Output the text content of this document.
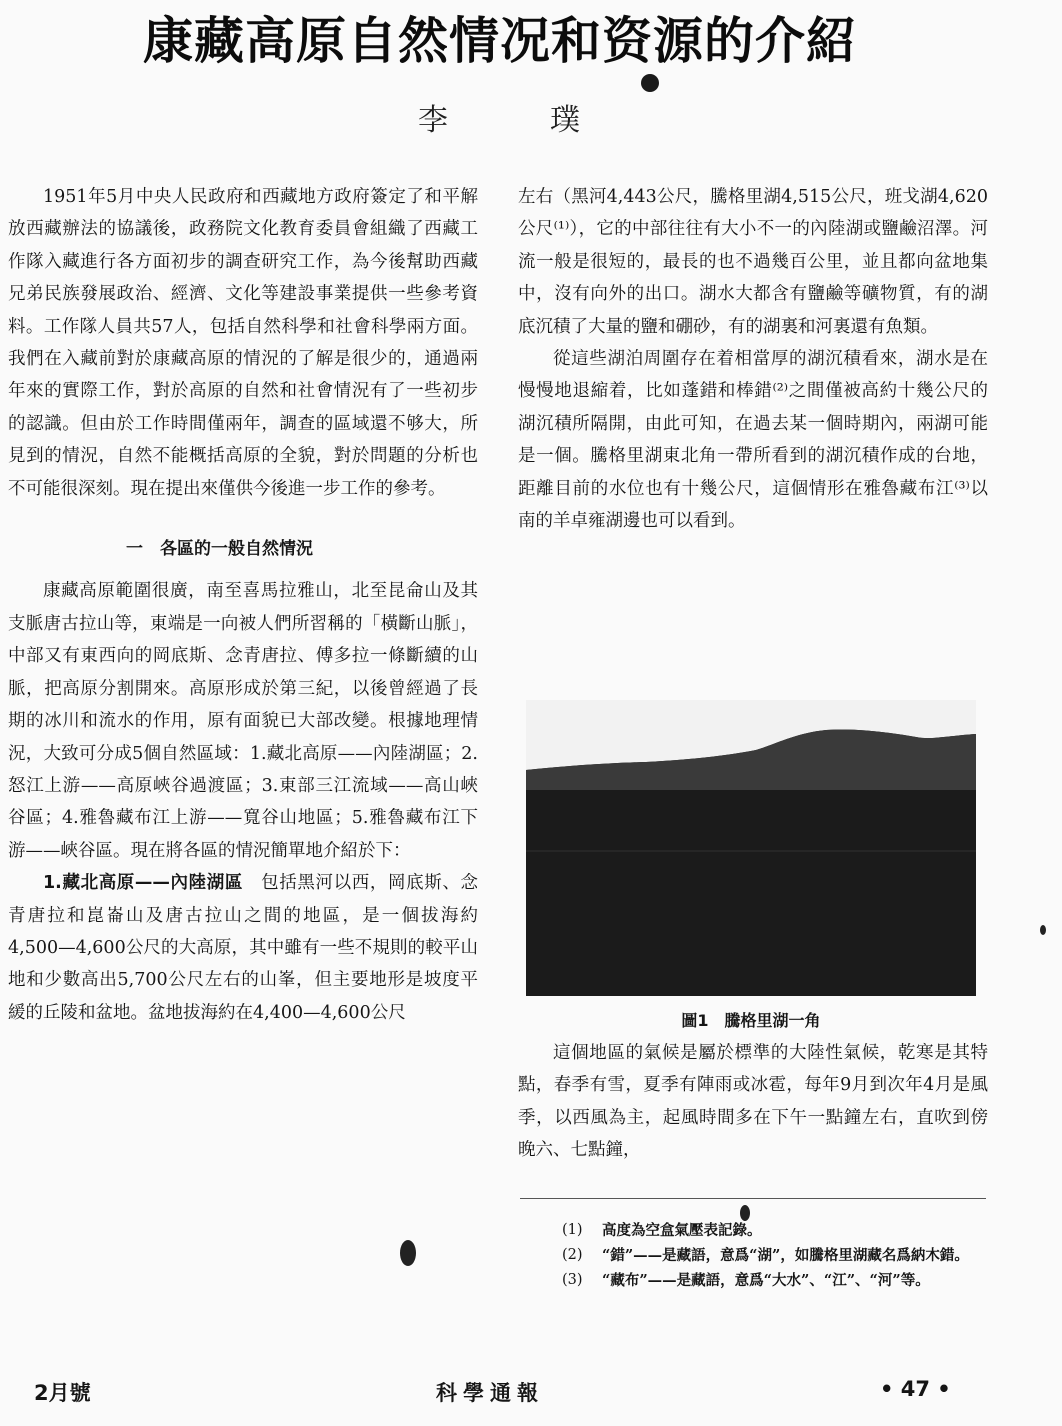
康藏高原自然情况和资源的介紹
李	璞

1951年5月中央人民政府和西藏地方政府簽定了和平解放西藏辦法的協議後，政務院文化教育委員會組織了西藏工作隊入藏進行各方面初步的調查研究工作，為今後幫助西藏兄弟民族發展政治、經濟、文化等建設事業提供一些參考資料。工作隊人員共57人，包括自然科學和社會科學兩方面。我們在入藏前對於康藏高原的情況的了解是很少的，通過兩年來的實際工作，對於高原的自然和社會情況有了一些初步的認識。但由於工作時間僅兩年，調查的區域還不够大，所見到的情況，自然不能概括高原的全貌，對於問題的分析也不可能很深刻。現在提出來僅供今後進一步工作的參考。

一　各區的一般自然情況

康藏高原範圍很廣，南至喜馬拉雅山，北至昆侖山及其支脈唐古拉山等，東端是一向被人們所習稱的「橫斷山脈」，中部又有東西向的岡底斯、念青唐拉、傅多拉一條斷續的山脈，把高原分割開來。高原形成於第三紀，以後曾經過了長期的冰川和流水的作用，原有面貌已大部改變。根據地理情況，大致可分成5個自然區域：1.藏北高原——內陸湖區；2.怒江上游——高原峽谷過渡區；3.東部三江流域——高山峽谷區；4.雅魯藏布江上游——寬谷山地區；5.雅魯藏布江下游——峽谷區。現在將各區的情況簡單地介紹於下：

1.藏北高原——內陸湖區　 包括黑河以西，岡底斯、念青唐拉和崑崙山及唐古拉山之間的地區，是一個拔海約4,500—4,600公尺的大高原，其中雖有一些不規則的較平山地和少數高出5,700公尺左右的山峯，但主要地形是坡度平緩的丘陵和盆地。盆地拔海約在4,400—4,600公尺

左右（黑河4,443公尺，騰格里湖4,515公尺，班戈湖4,620公尺⁽¹⁾），它的中部往往有大小不一的內陸湖或鹽鹼沼澤。河流一般是很短的，最長的也不過幾百公里，並且都向盆地集中，沒有向外的出口。湖水大都含有鹽鹼等礦物質，有的湖底沉積了大量的鹽和硼砂，有的湖裏和河裏還有魚類。

從這些湖泊周圍存在着相當厚的湖沉積看來，湖水是在慢慢地退縮着，比如蓬錯和棒錯⁽²⁾之間僅被高約十幾公尺的湖沉積所隔開，由此可知，在過去某一個時期內，兩湖可能是一個。騰格里湖東北角一帶所看到的湖沉積作成的台地，距離目前的水位也有十幾公尺，這個情形在雅魯藏布江⁽³⁾以南的羊卓雍湖邊也可以看到。

圖1　騰格里湖一角

這個地區的氣候是屬於標準的大陸性氣候，乾寒是其特點，春季有雪，夏季有陣雨或冰雹，每年9月到次年4月是風季，以西風為主，起風時間多在下午一點鐘左右，直吹到傍晚六、七點鐘，

(1)	高度為空盒氣壓表記錄。
(2)	“錯”——是藏語，意爲“湖”，如騰格里湖藏名爲納木錯。
(3)	“藏布”——是藏語，意爲“大水”、“江”、“河”等。
2月號	科學通報	• 47 •
